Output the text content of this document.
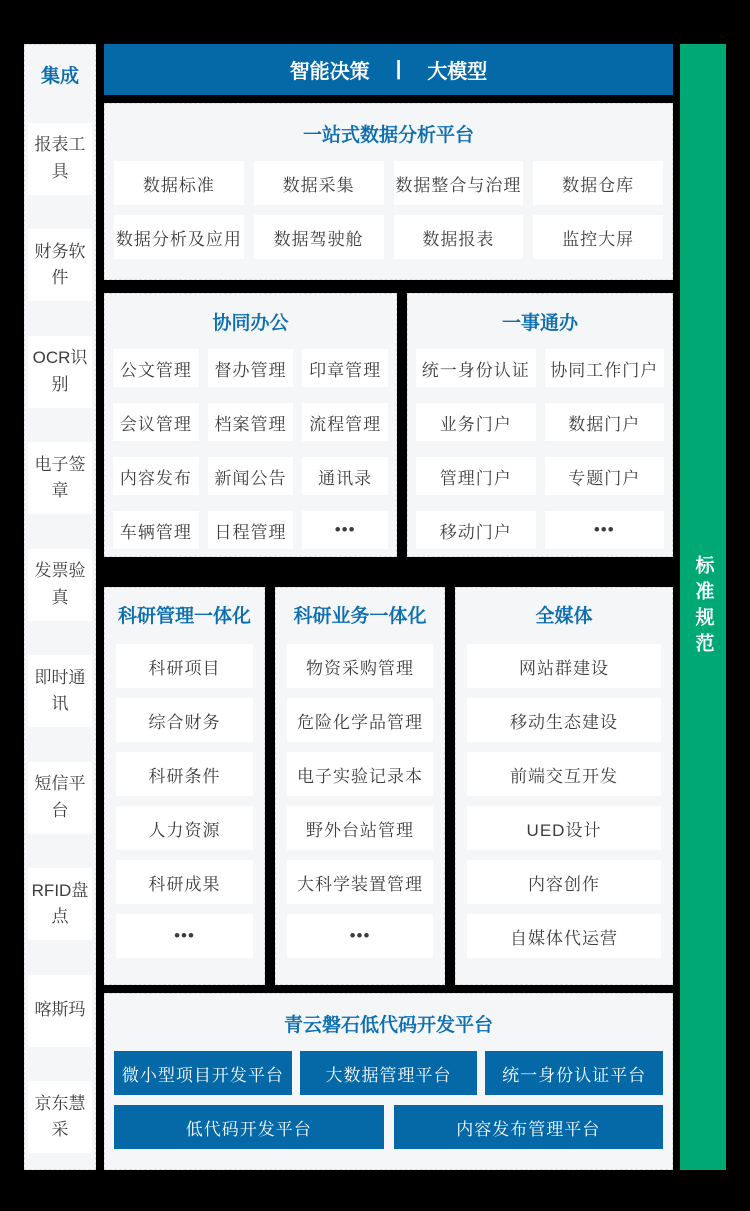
集成
报表工具
财务软件
OCR识别
电子签章
发票验真
即时通讯
短信平台
RFID盘点
喀斯玛
京东慧采
智能决策 | 大模型
一站式数据分析平台
数据标准	数据采集	数据整合与治理	数据仓库
数据分析及应用	数据驾驶舱	数据报表	监控大屏
协同办公
公文管理	督办管理	印章管理
会议管理	档案管理	流程管理
内容发布	新闻公告	通讯录
车辆管理	日程管理	•••
一事通办
统一身份认证	协同工作门户
业务门户	数据门户
管理门户	专题门户
移动门户	•••
科研管理一体化
科研项目
综合财务
科研条件
人力资源
科研成果
•••
科研业务一体化
物资采购管理
危险化学品管理
电子实验记录本
野外台站管理
大科学装置管理
•••
全媒体
网站群建设
移动生态建设
前端交互开发
UED设计
内容创作
自媒体代运营
青云磐石低代码开发平台
微小型项目开发平台	大数据管理平台	统一身份认证平台
低代码开发平台	内容发布管理平台
标准规范
